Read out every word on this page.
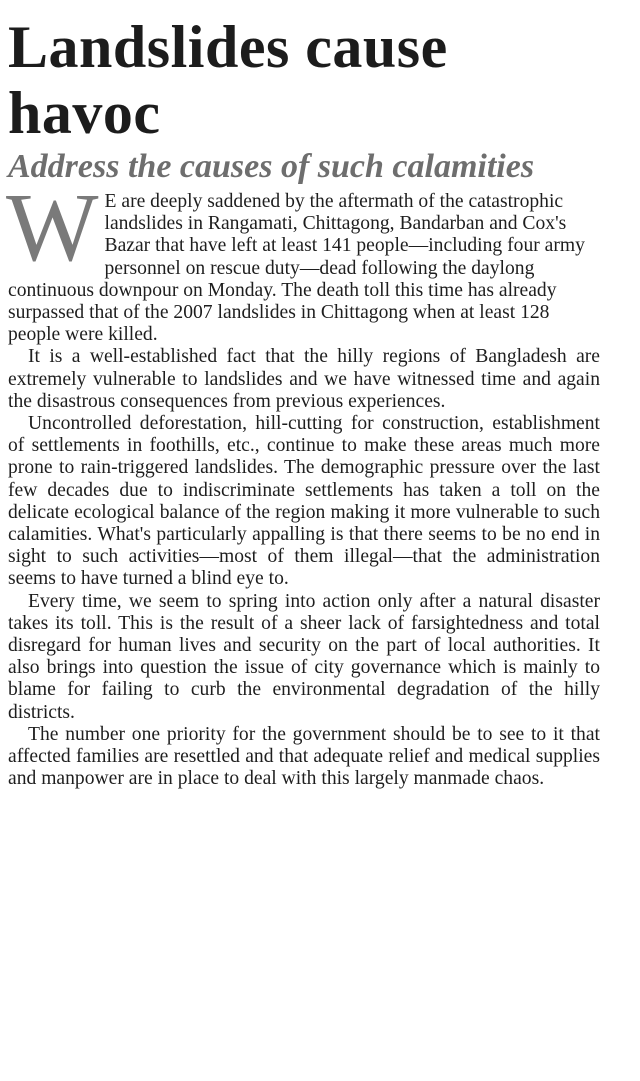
Landslides cause
havoc
Address the causes of such calamities

W E are deeply saddened by the aftermath of the catastrophic landslides in Rangamati, Chittagong, Bandarban and Cox's Bazar that have left at least 141 people—including four army personnel on rescue duty—dead following the daylong continuous downpour on Monday. The death toll this time has already surpassed that of the 2007 landslides in Chittagong when at least 128 people were killed.

It is a well-established fact that the hilly regions of Bangladesh are extremely vulnerable to landslides and we have witnessed time and again the disastrous consequences from previous experiences.

Uncontrolled deforestation, hill-cutting for construction, establishment of settlements in foothills, etc., continue to make these areas much more prone to rain-triggered landslides. The demographic pressure over the last few decades due to indiscriminate settlements has taken a toll on the delicate ecological balance of the region making it more vulnerable to such calamities. What's particularly appalling is that there seems to be no end in sight to such activities—most of them illegal—that the administration seems to have turned a blind eye to.

Every time, we seem to spring into action only after a natural disaster takes its toll. This is the result of a sheer lack of farsightedness and total disregard for human lives and security on the part of local authorities. It also brings into question the issue of city governance which is mainly to blame for failing to curb the environmental degradation of the hilly districts.

The number one priority for the government should be to see to it that affected families are resettled and that adequate relief and medical supplies and manpower are in place to deal with this largely manmade chaos.
